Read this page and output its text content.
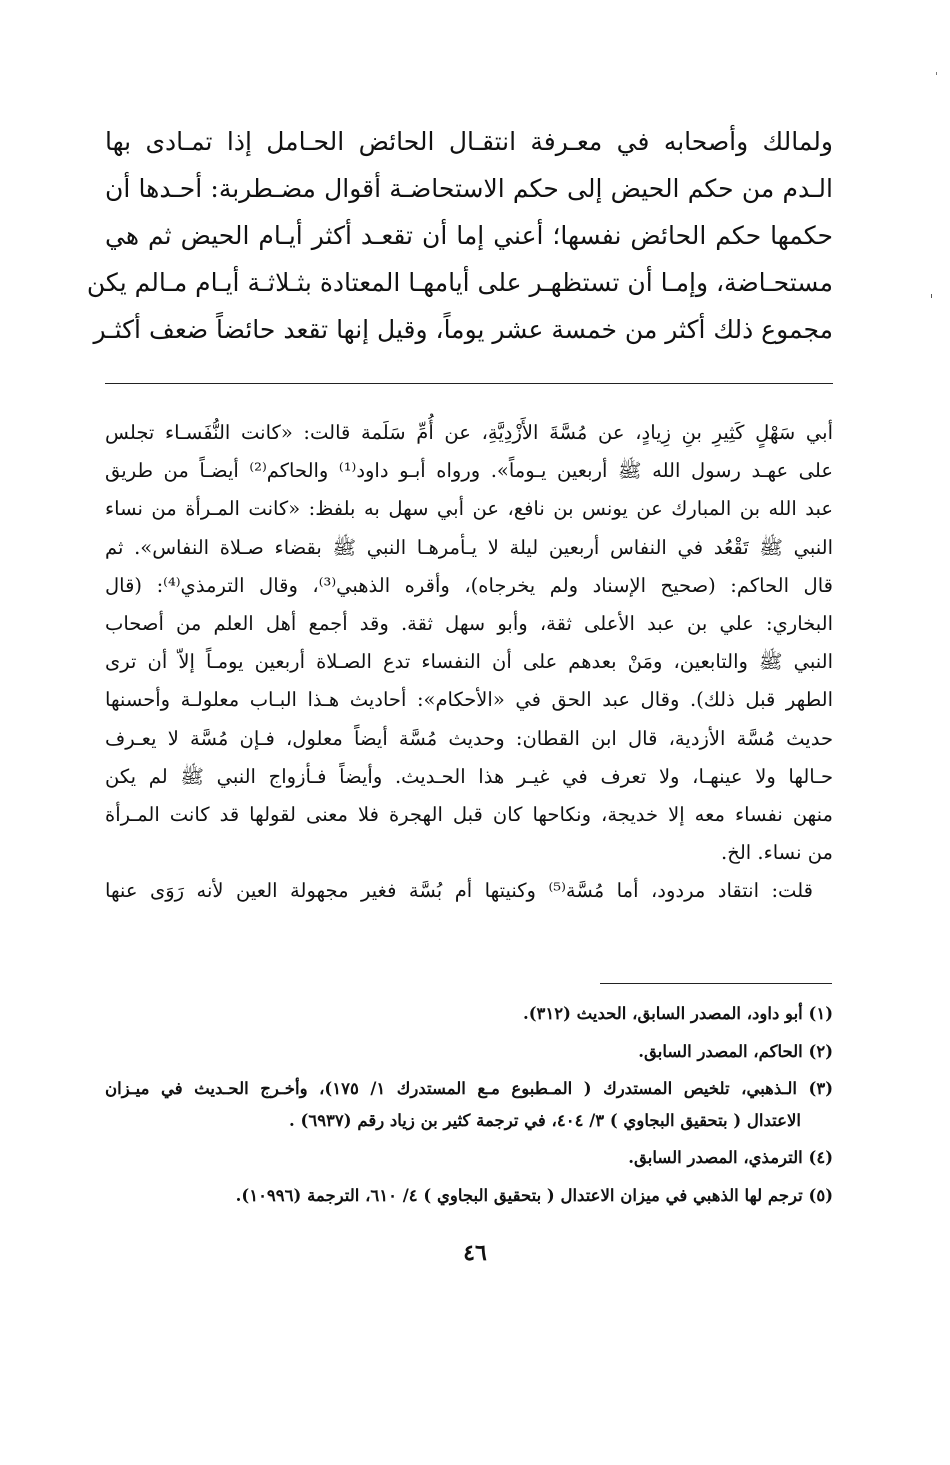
ولمالك وأصحابه في معـرفة انتقـال الحائض الحـامل إذا تمـادى بها
الـدم من حكم الحيض إلى حكم الاستحاضـة أقوال مضـطربة: أحـدها أن
حكمها حكم الحائض نفسها؛ أعني إما أن تقعـد أكثر أيـام الحيض ثم هي
مستحـاضة، وإمـا أن تستظهـر على أيامهـا المعتادة بثـلاثـة أيـام مـالم يكن
مجموع ذلك أكثر من خمسة عشر يوماً، وقيل إنها تقعد حائضاً ضعف أكثـر
أبي سَهْلٍ كَثِيرِ بنِ زِيادٍ، عن مُسَّةَ الأَزْدِيَّةِ، عن أُمِّ سَلَمة قالت: «كانت النُّفَسـاء تجلس
على عهـد رسول الله ﷺ أربعين يـوماً». ورواه أبـو داود⁽¹⁾ والحاكم⁽²⁾ أيضـاً من طريق
عبد الله بن المبارك عن يونس بن نافع، عن أبي سهل به بلفظ: «كانت المـرأة من نساء
النبي ﷺ تَقْعُد في النفاس أربعين ليلة لا يـأمرهـا النبي ﷺ بقضاء صـلاة النفاس». ثم
قال الحاكم: (صحيح الإسناد ولم يخرجاه)، وأقره الذهبي⁽³⁾، وقال الترمذي⁽⁴⁾: (قال
البخاري: علي بن عبد الأعلى ثقة، وأبو سهل ثقة. وقد أجمع أهل العلم من أصحاب
النبي ﷺ والتابعين، ومَنْ بعدهم على أن النفساء تدع الصـلاة أربعين يومـاً إلاّ أن ترى
الطهر قبل ذلك). وقال عبد الحق في «الأحكام»: أحاديث هـذا البـاب معلولـة وأحسنها
حديث مُسَّة الأزدية، قال ابن القطان: وحديث مُسَّة أيضاً معلول، فـإن مُسَّة لا يعـرف
حـالها ولا عينهـا، ولا تعرف في غيـر هذا الحـديث. وأيضاً فـأزواج النبي ﷺ لم يكن
منهن نفساء معه إلا خديجة، ونكاحها كان قبل الهجرة فلا معنى لقولها قد كانت المـرأة
من نساء. الخ.
قلت: انتقاد مردود، أما مُسَّة⁽⁵⁾ وكنيتها أم بُسَّة فغير مجهولة العين لأنه رَوَى عنها
(١) أبو داود، المصدر السابق، الحديث (٣١٢).
(٢) الحاكم، المصدر السابق.
(٣) الـذهبي، تلخيص المستدرك ( المـطبوع مـع المستدرك ١/ ١٧٥)، وأخـرج الحـديث في ميـزان
الاعتدال ( بتحقيق البجاوي ) ٣/ ٤٠٤، في ترجمة كثير بن زياد رقم (٦٩٣٧) .
(٤) الترمذي، المصدر السابق.
(٥) ترجم لها الذهبي في ميزان الاعتدال ( بتحقيق البجاوي ) ٤/ ٦١٠، الترجمة (١٠٩٩٦).
٤٦
